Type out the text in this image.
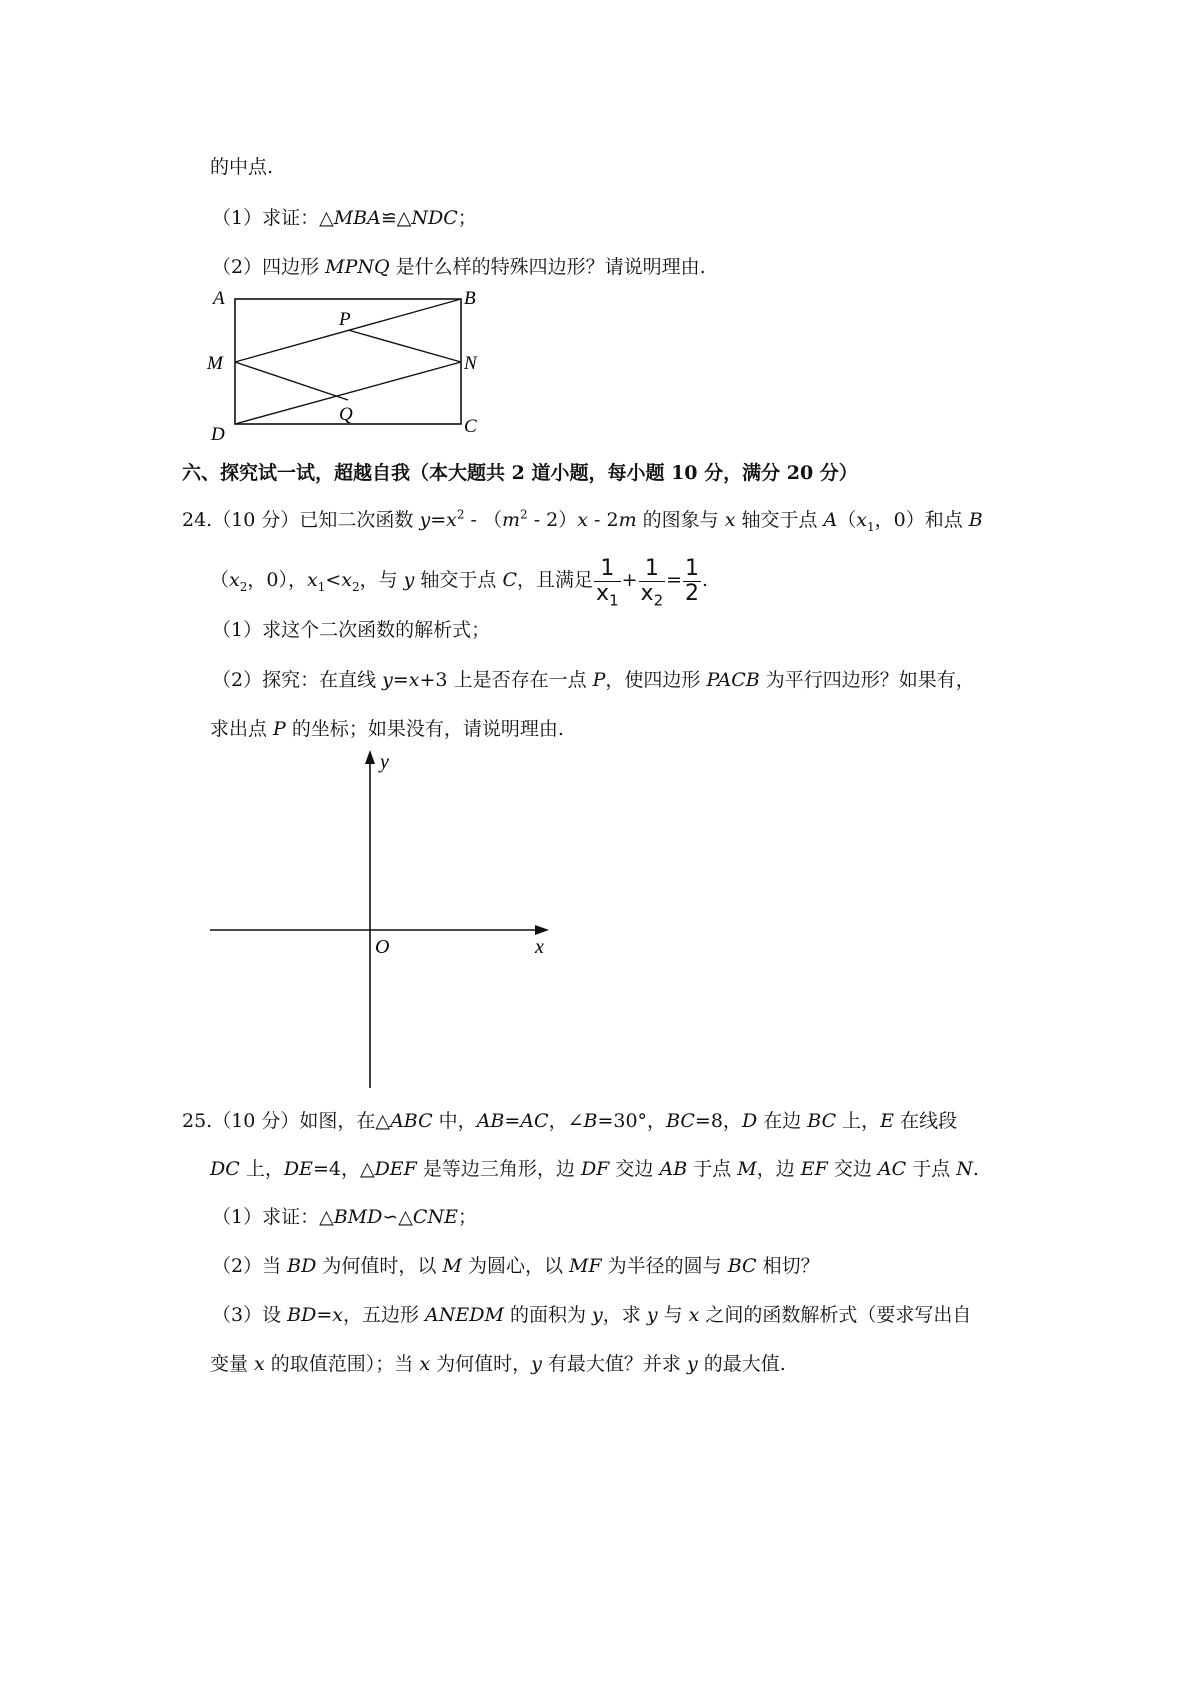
的中点.
（1）求证：△MBA≌△NDC；
（2）四边形 MPNQ 是什么样的特殊四边形？请说明理由.
A	B
C
D
M	N
P
Q
六、探究试一试，超越自我（本大题共 2 道小题，每小题 10 分，满分 20 分）
24.（10 分）已知二次函数 $y=x^2 - (m^2 - 2)x - 2m$ 的图象与 x 轴交于点 $A(x_1$，0）和点 B
（$x_2$，0），$x_1<x_2$，与 y 轴交于点 C，且满足 $\frac{1}{x_1} + \frac{1}{x_2} = \frac{1}{2}$ .
（1）求这个二次函数的解析式；
（2）探究：在直线 y=x+3 上是否存在一点 P，使四边形 PACB 为平行四边形？如果有，
求出点 P 的坐标；如果没有，请说明理由.
y
x
O
25.（10 分）如图，在△ABC 中，AB=AC，∠B=30°，BC=8，D 在边 BC 上，E 在线段
DC 上，DE=4，△DEF 是等边三角形，边 DF 交边 AB 于点 M，边 EF 交边 AC 于点 N.
（1）求证：△BMD∽△CNE；
（2）当 BD 为何值时，以 M 为圆心，以 MF 为半径的圆与 BC 相切？
（3）设 BD=x，五边形 ANEDM 的面积为 y，求 y 与 x 之间的函数解析式（要求写出自
变量 x 的取值范围）；当 x 为何值时，y 有最大值？并求 y 的最大值.
